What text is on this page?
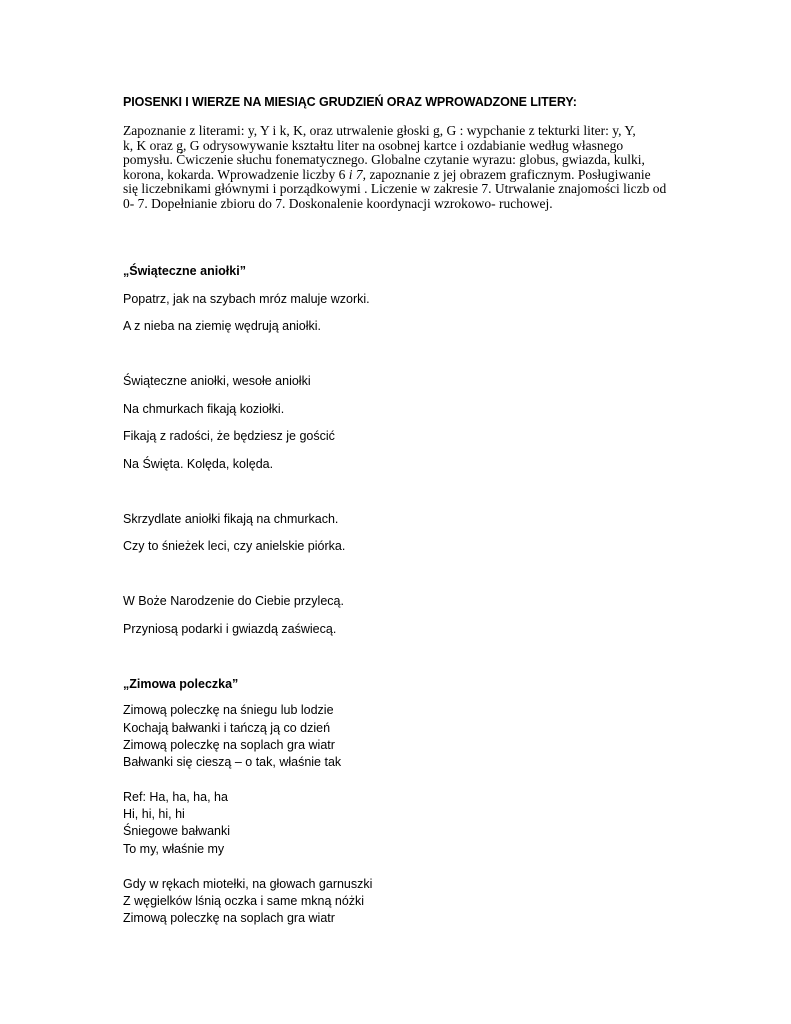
PIOSENKI I WIERZE NA MIESIĄC GRUDZIEŃ ORAZ WPROWADZONE LITERY:
Zapoznanie z literami: y, Y i k, K, oraz utrwalenie głoski g, G : wypchanie z tekturki liter: y, Y,
k, K oraz g, G odrysowywanie kształtu liter na osobnej kartce i ozdabianie według własnego
pomysłu. Ćwiczenie słuchu fonematycznego. Globalne czytanie wyrazu: globus, gwiazda, kulki,
korona, kokarda. Wprowadzenie liczby 6 i 7, zapoznanie z jej obrazem graficznym. Posługiwanie
się liczebnikami głównymi i porządkowymi . Liczenie w zakresie 7. Utrwalanie znajomości liczb od
0- 7. Dopełnianie zbioru do 7. Doskonalenie koordynacji wzrokowo- ruchowej.
„Świąteczne aniołki”
Popatrz, jak na szybach mróz maluje wzorki.
A z nieba na ziemię wędrują aniołki.
Świąteczne aniołki, wesołe aniołki
Na chmurkach fikają koziołki.
Fikają z radości, że będziesz je gościć
Na Święta. Kolęda, kolęda.
Skrzydlate aniołki fikają na chmurkach.
Czy to śnieżek leci, czy anielskie piórka.
W Boże Narodzenie do Ciebie przylecą.
Przyniosą podarki i gwiazdą zaświecą.
„Zimowa poleczka”
Zimową poleczkę na śniegu lub lodzie
Kochają bałwanki i tańczą ją co dzień
Zimową poleczkę na soplach gra wiatr
Bałwanki się cieszą – o tak, właśnie tak
Ref: Ha, ha, ha, ha
Hi, hi, hi, hi
Śniegowe bałwanki
To my, właśnie my
Gdy w rękach miotełki, na głowach garnuszki
Z węgielków lśnią oczka i same mkną nóżki
Zimową poleczkę na soplach gra wiatr
